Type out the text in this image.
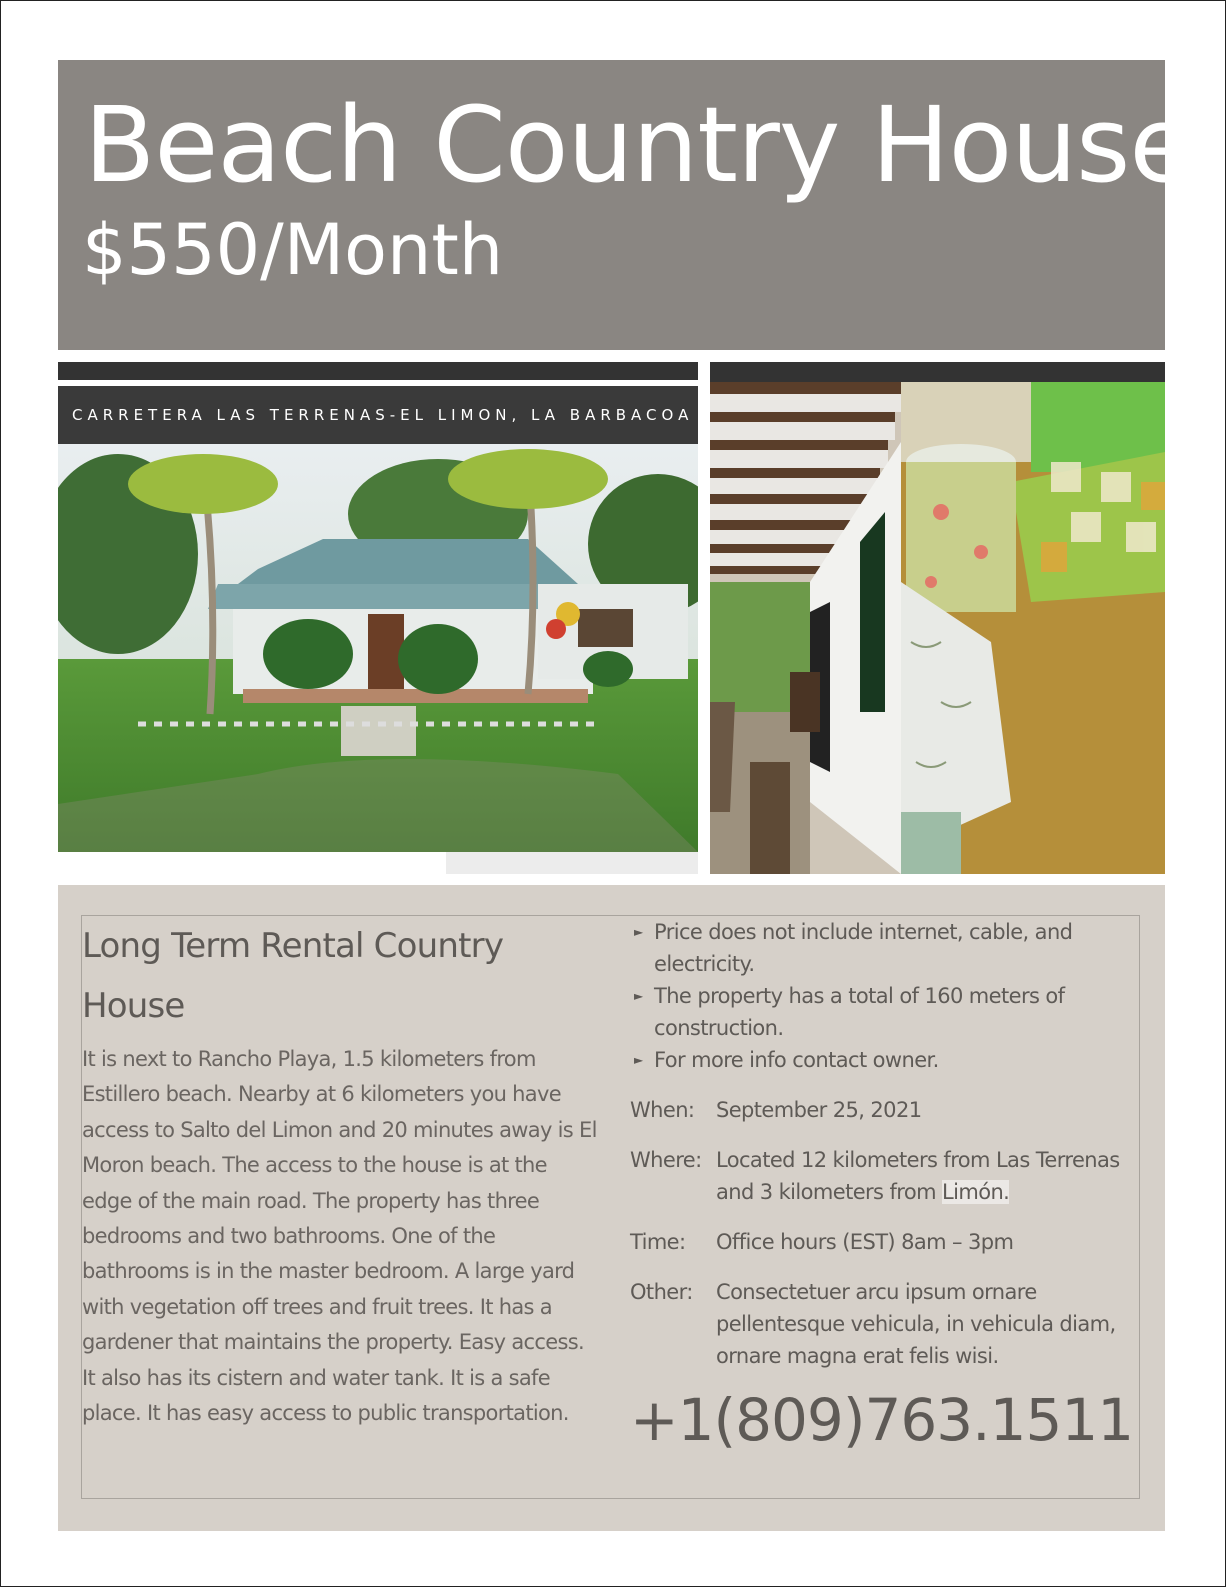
Beach Country House
$550/Month
CARRETERA LAS TERRENAS-EL LIMON, LA BARBACOA
Long Term Rental Country House

It is next to Rancho Playa, 1.5 kilometers from Estillero beach. Nearby at 6 kilometers you have access to Salto del Limon and 20 minutes away is El Moron beach. The access to the house is at the edge of the main road. The property has three bedrooms and two bathrooms. One of the bathrooms is in the master bedroom. A large yard with vegetation off trees and fruit trees. It has a gardener that maintains the property. Easy access. It also has its cistern and water tank. It is a safe place. It has easy access to public transportation.

► Price does not include internet, cable, and electricity.
► The property has a total of 160 meters of construction.
► For more info contact owner.
When:	September 25, 2021
Where: Located 12 kilometers from Las Terrenas and 3 kilometers from Limón.
Time:	Office hours (EST) 8am – 3pm
Other:	Consectetuer arcu ipsum ornare pellentesque vehicula, in vehicula diam, ornare magna erat felis wisi.
+1(809)763.1511
